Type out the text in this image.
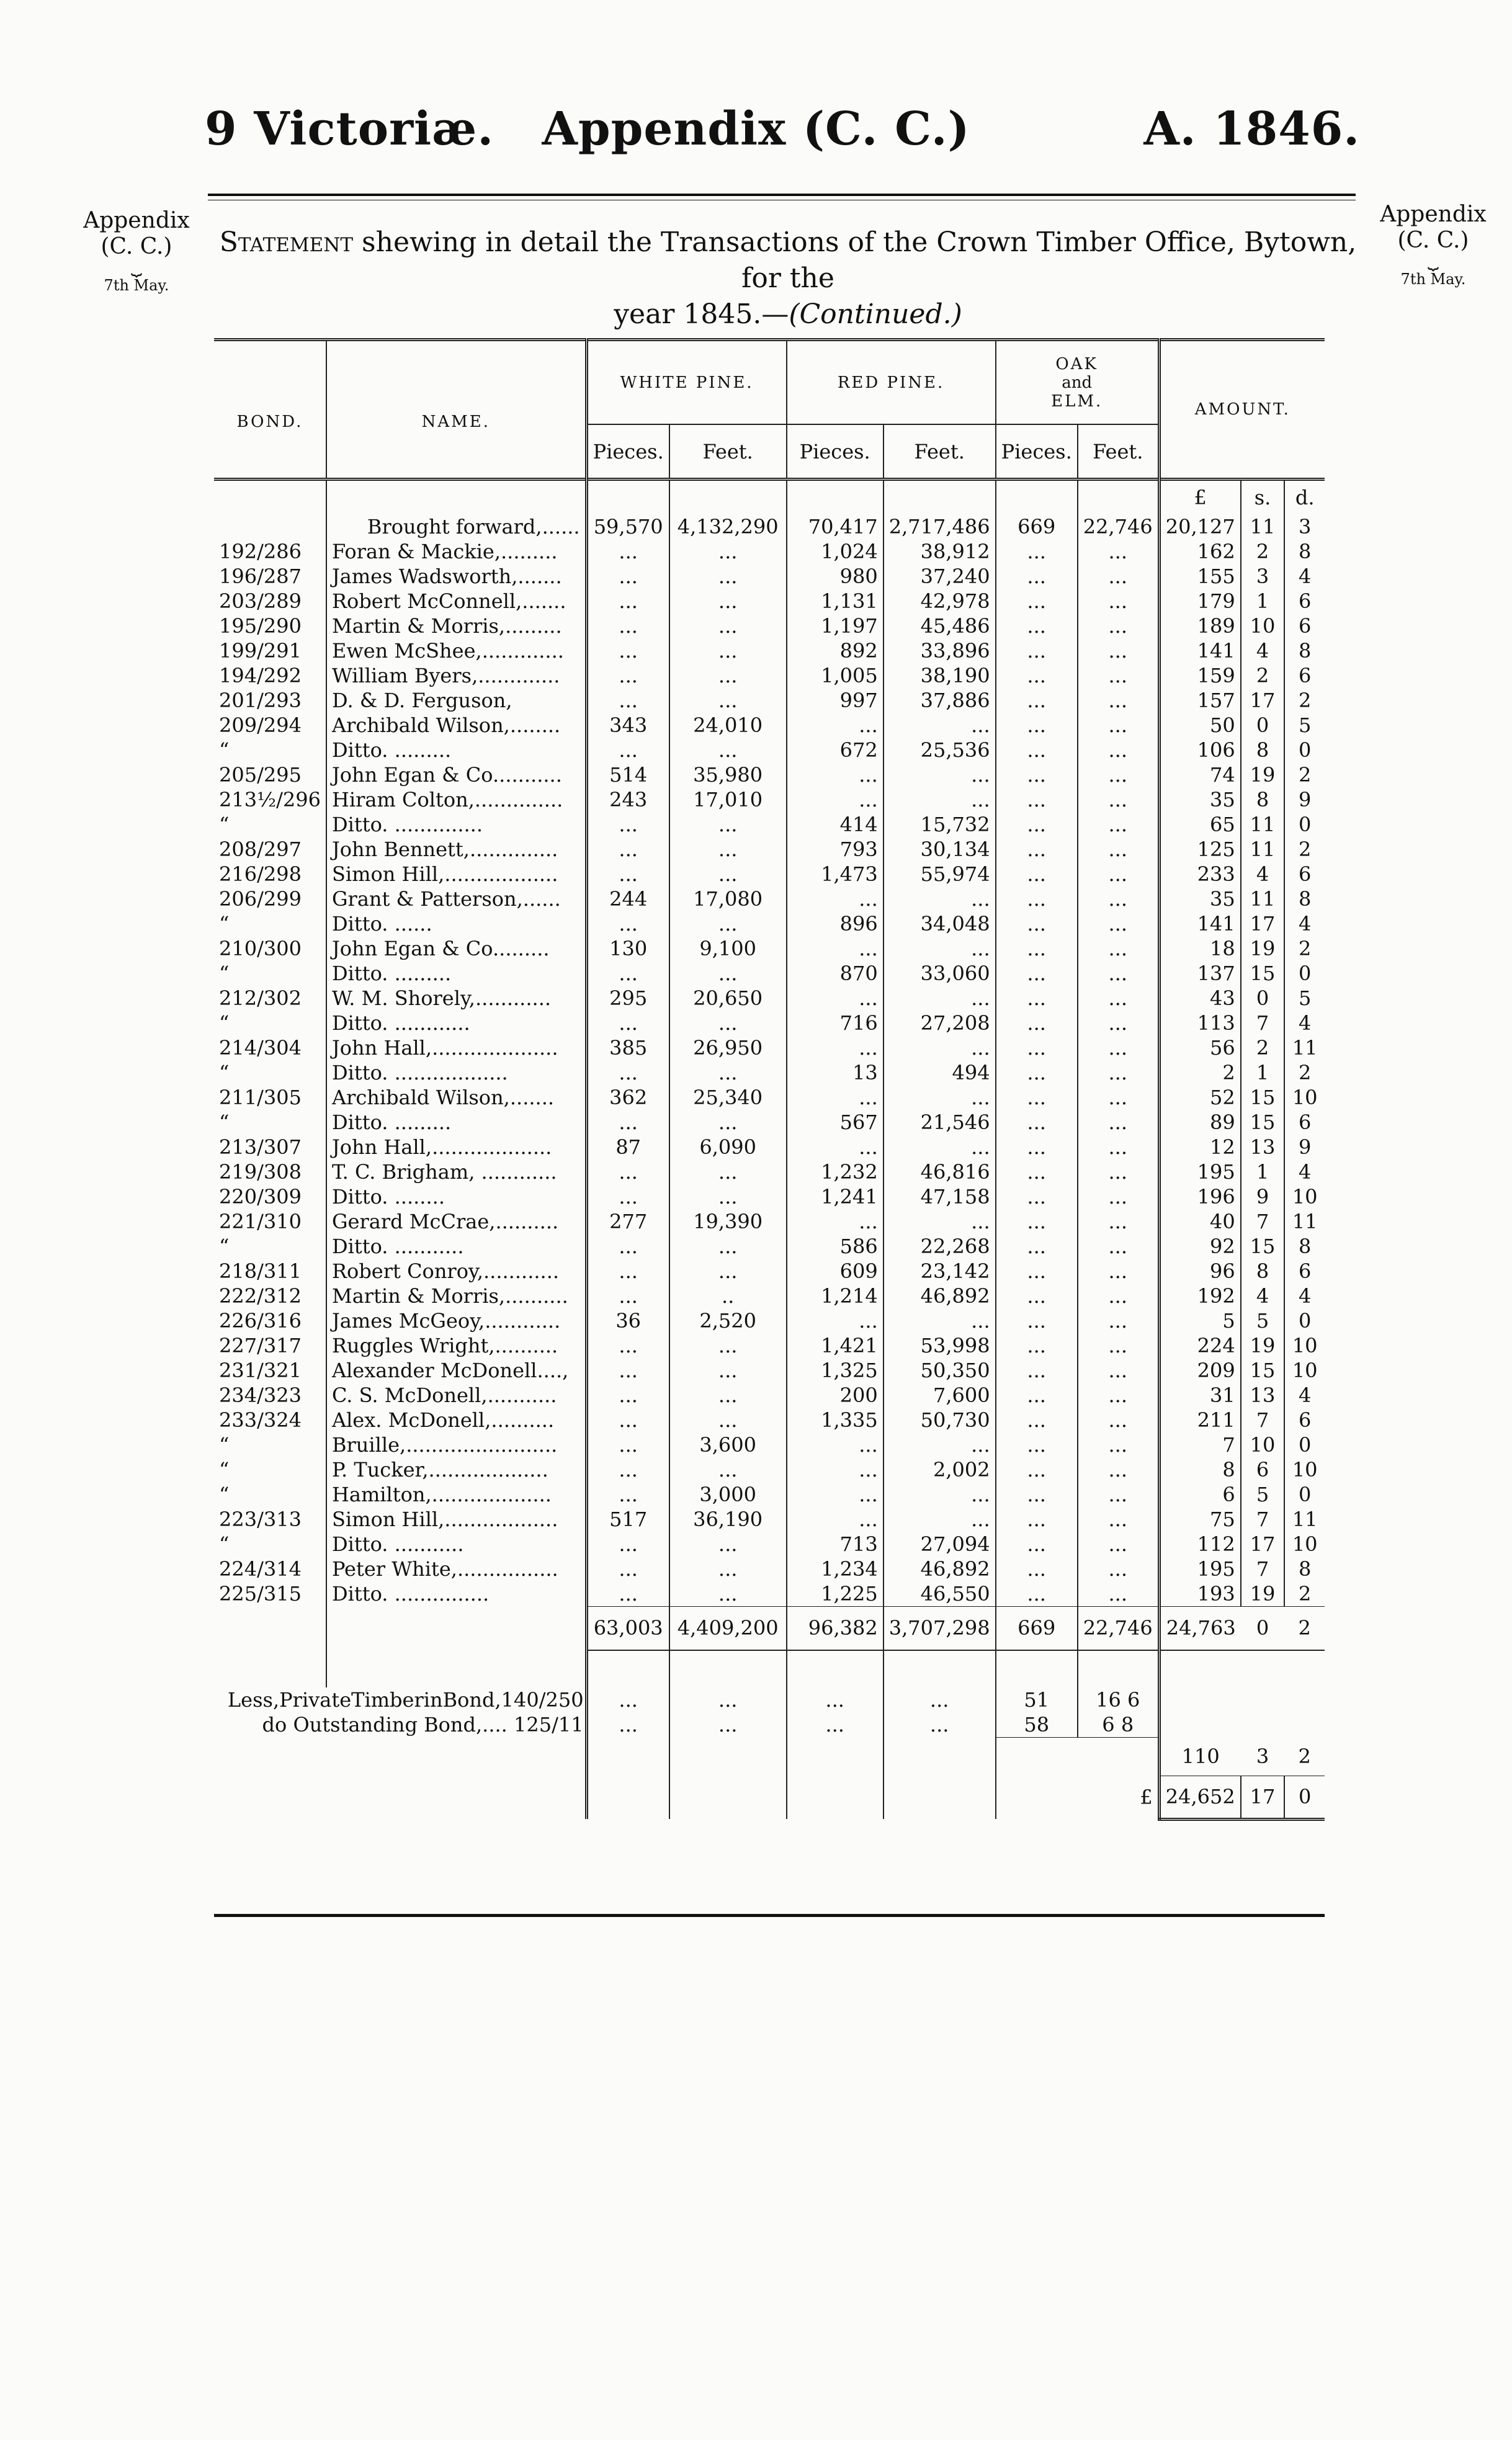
Appendix (C. C.)
9 Victoriæ.	A. 1846.
Appendix
(C. C.)
⏟
7th May.
Appendix
(C. C.)
⏟
7th May.
Statement shewing in detail the Transactions of the Crown Timber Office, Bytown, for the
year 1845.—(Continued.)
BOND.	NAME.	WHITE PINE.		RED PINE.		OAK
and
ELM.		AMOUNT.		
		Pieces.	Feet.	Pieces.	Feet.	Pieces.	Feet.			
								£	s.	d.
	Brought forward,......	59,570	4,132,290	70,417	2,717,486	669	22,746	20,127	11	3
192/286	Foran & Mackie,.........	...	...	1,024	38,912	...	...	162	2	8
196/287	James Wadsworth,.......	...	...	980	37,240	...	...	155	3	4
203/289	Robert McConnell,.......	...	...	1,131	42,978	...	...	179	1	6
195/290	Martin & Morris,.........	...	...	1,197	45,486	...	...	189	10	6
199/291	Ewen McShee,.............	...	...	892	33,896	...	...	141	4	8
194/292	William Byers,.............	...	...	1,005	38,190	...	...	159	2	6
201/293	D. & D. Ferguson,	...	...	997	37,886	...	...	157	17	2
209/294	Archibald Wilson,........	343	24,010	...	...	...	...	50	0	5
“	Ditto. .........	...	...	672	25,536	...	...	106	8	0
205/295	John Egan & Co...........	514	35,980	...	...	...	...	74	19	2
213½/296	Hiram Colton,..............	243	17,010	...	...	...	...	35	8	9
“	Ditto. ..............	...	...	414	15,732	...	...	65	11	0
208/297	John Bennett,..............	...	...	793	30,134	...	...	125	11	2
216/298	Simon Hill,..................	...	...	1,473	55,974	...	...	233	4	6
206/299	Grant & Patterson,......	244	17,080	...	...	...	...	35	11	8
“	Ditto. ......	...	...	896	34,048	...	...	141	17	4
210/300	John Egan & Co.........	130	9,100	...	...	...	...	18	19	2
“	Ditto. .........	...	...	870	33,060	...	...	137	15	0
212/302	W. M. Shorely,............	295	20,650	...	...	...	...	43	0	5
“	Ditto. ............	...	...	716	27,208	...	...	113	7	4
214/304	John Hall,....................	385	26,950	...	...	...	...	56	2	11
“	Ditto. ..................	...	...	13	494	...	...	2	1	2
211/305	Archibald Wilson,.......	362	25,340	...	...	...	...	52	15	10
“	Ditto. .........	...	...	567	21,546	...	...	89	15	6
213/307	John Hall,...................	87	6,090	...	...	...	...	12	13	9
219/308	T. C. Brigham, ............	...	...	1,232	46,816	...	...	195	1	4
220/309	Ditto. ........	...	...	1,241	47,158	...	...	196	9	10
221/310	Gerard McCrae,..........	277	19,390	...	...	...	...	40	7	11
“	Ditto. ...........	...	...	586	22,268	...	...	92	15	8
218/311	Robert Conroy,............	...	...	609	23,142	...	...	96	8	6
222/312	Martin & Morris,..........	...	..	1,214	46,892	...	...	192	4	4
226/316	James McGeoy,............	36	2,520	...	...	...	...	5	5	0
227/317	Ruggles Wright,..........	...	...	1,421	53,998	...	...	224	19	10
231/321	Alexander McDonell....,	...	...	1,325	50,350	...	...	209	15	10
234/323	C. S. McDonell,...........	...	...	200	7,600	...	...	31	13	4
233/324	Alex. McDonell,..........	...	...	1,335	50,730	...	...	211	7	6
“	Bruille,........................	...	3,600	...	...	...	...	7	10	0
“	P. Tucker,...................	...	...	...	2,002	...	...	8	6	10
“	Hamilton,...................	...	3,000	...	...	...	...	6	5	0
223/313	Simon Hill,..................	517	36,190	...	...	...	...	75	7	11
“	Ditto. ...........	...	...	713	27,094	...	...	112	17	10
224/314	Peter White,................	...	...	1,234	46,892	...	...	195	7	8
225/315	Ditto. ...............	...	...	1,225	46,550	...	...	193	19	2
		63,003	4,409,200	96,382	3,707,298	669	22,746	24,763	0	2

Less,PrivateTimberinBond,140/250		...	...	...	...	51	16 6			
do Outstanding Bond,.... 125/11		...	...	...	...	58	6 8			
								110	3	2
							£	24,652	17	0
